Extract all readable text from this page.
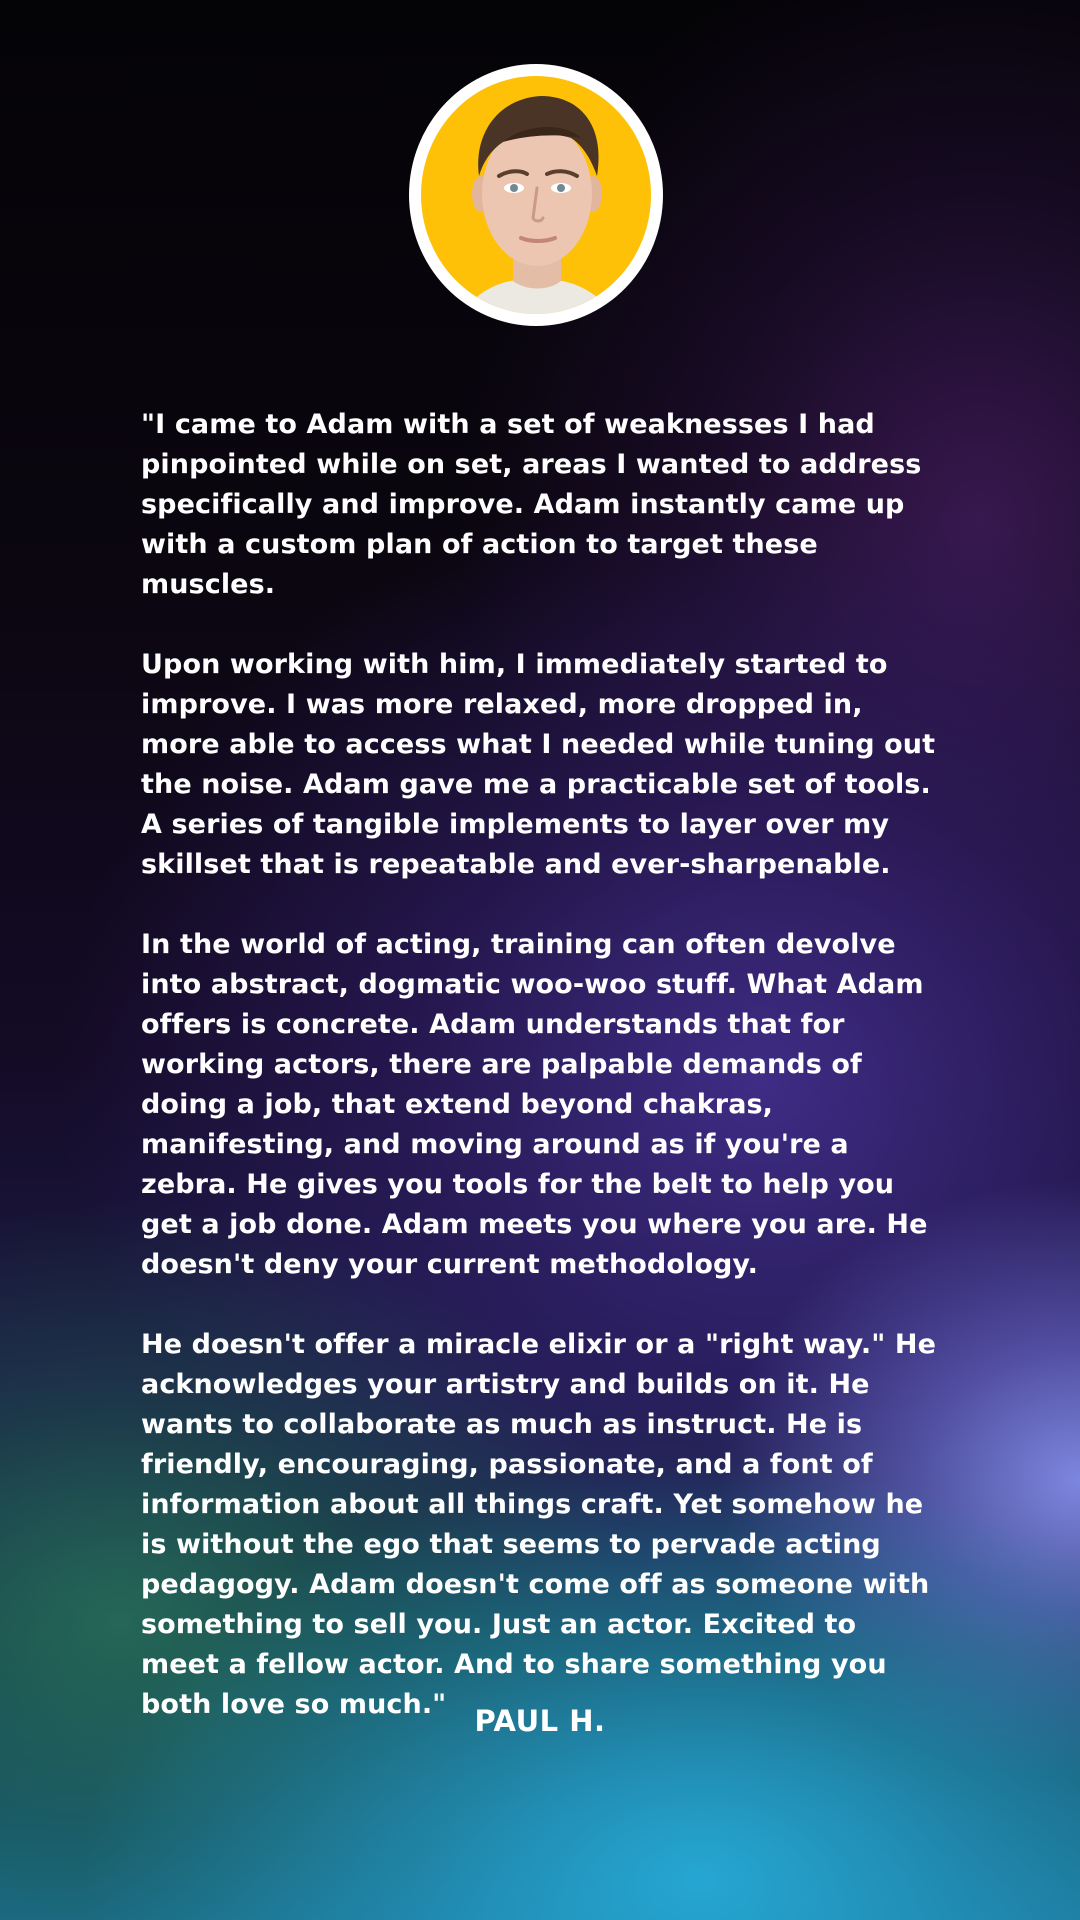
"I came to Adam with a set of weaknesses I had pinpointed while on set, areas I wanted to address specifically and improve. Adam instantly came up with a custom plan of action to target these muscles.

Upon working with him, I immediately started to improve. I was more relaxed, more dropped in, more able to access what I needed while tuning out the noise. Adam gave me a practicable set of tools. A series of tangible implements to layer over my skillset that is repeatable and ever-sharpenable.

In the world of acting, training can often devolve into abstract, dogmatic woo-woo stuff. What Adam offers is concrete. Adam understands that for working actors, there are palpable demands of doing a job, that extend beyond chakras, manifesting, and moving around as if you're a zebra. He gives you tools for the belt to help you get a job done. Adam meets you where you are. He doesn't deny your current methodology.

He doesn't offer a miracle elixir or a "right way." He acknowledges your artistry and builds on it. He wants to collaborate as much as instruct. He is friendly, encouraging, passionate, and a font of information about all things craft. Yet somehow he is without the ego that seems to pervade acting pedagogy. Adam doesn't come off as someone with something to sell you. Just an actor. Excited to meet a fellow actor. And to share something you both love so much." PAUL H.
